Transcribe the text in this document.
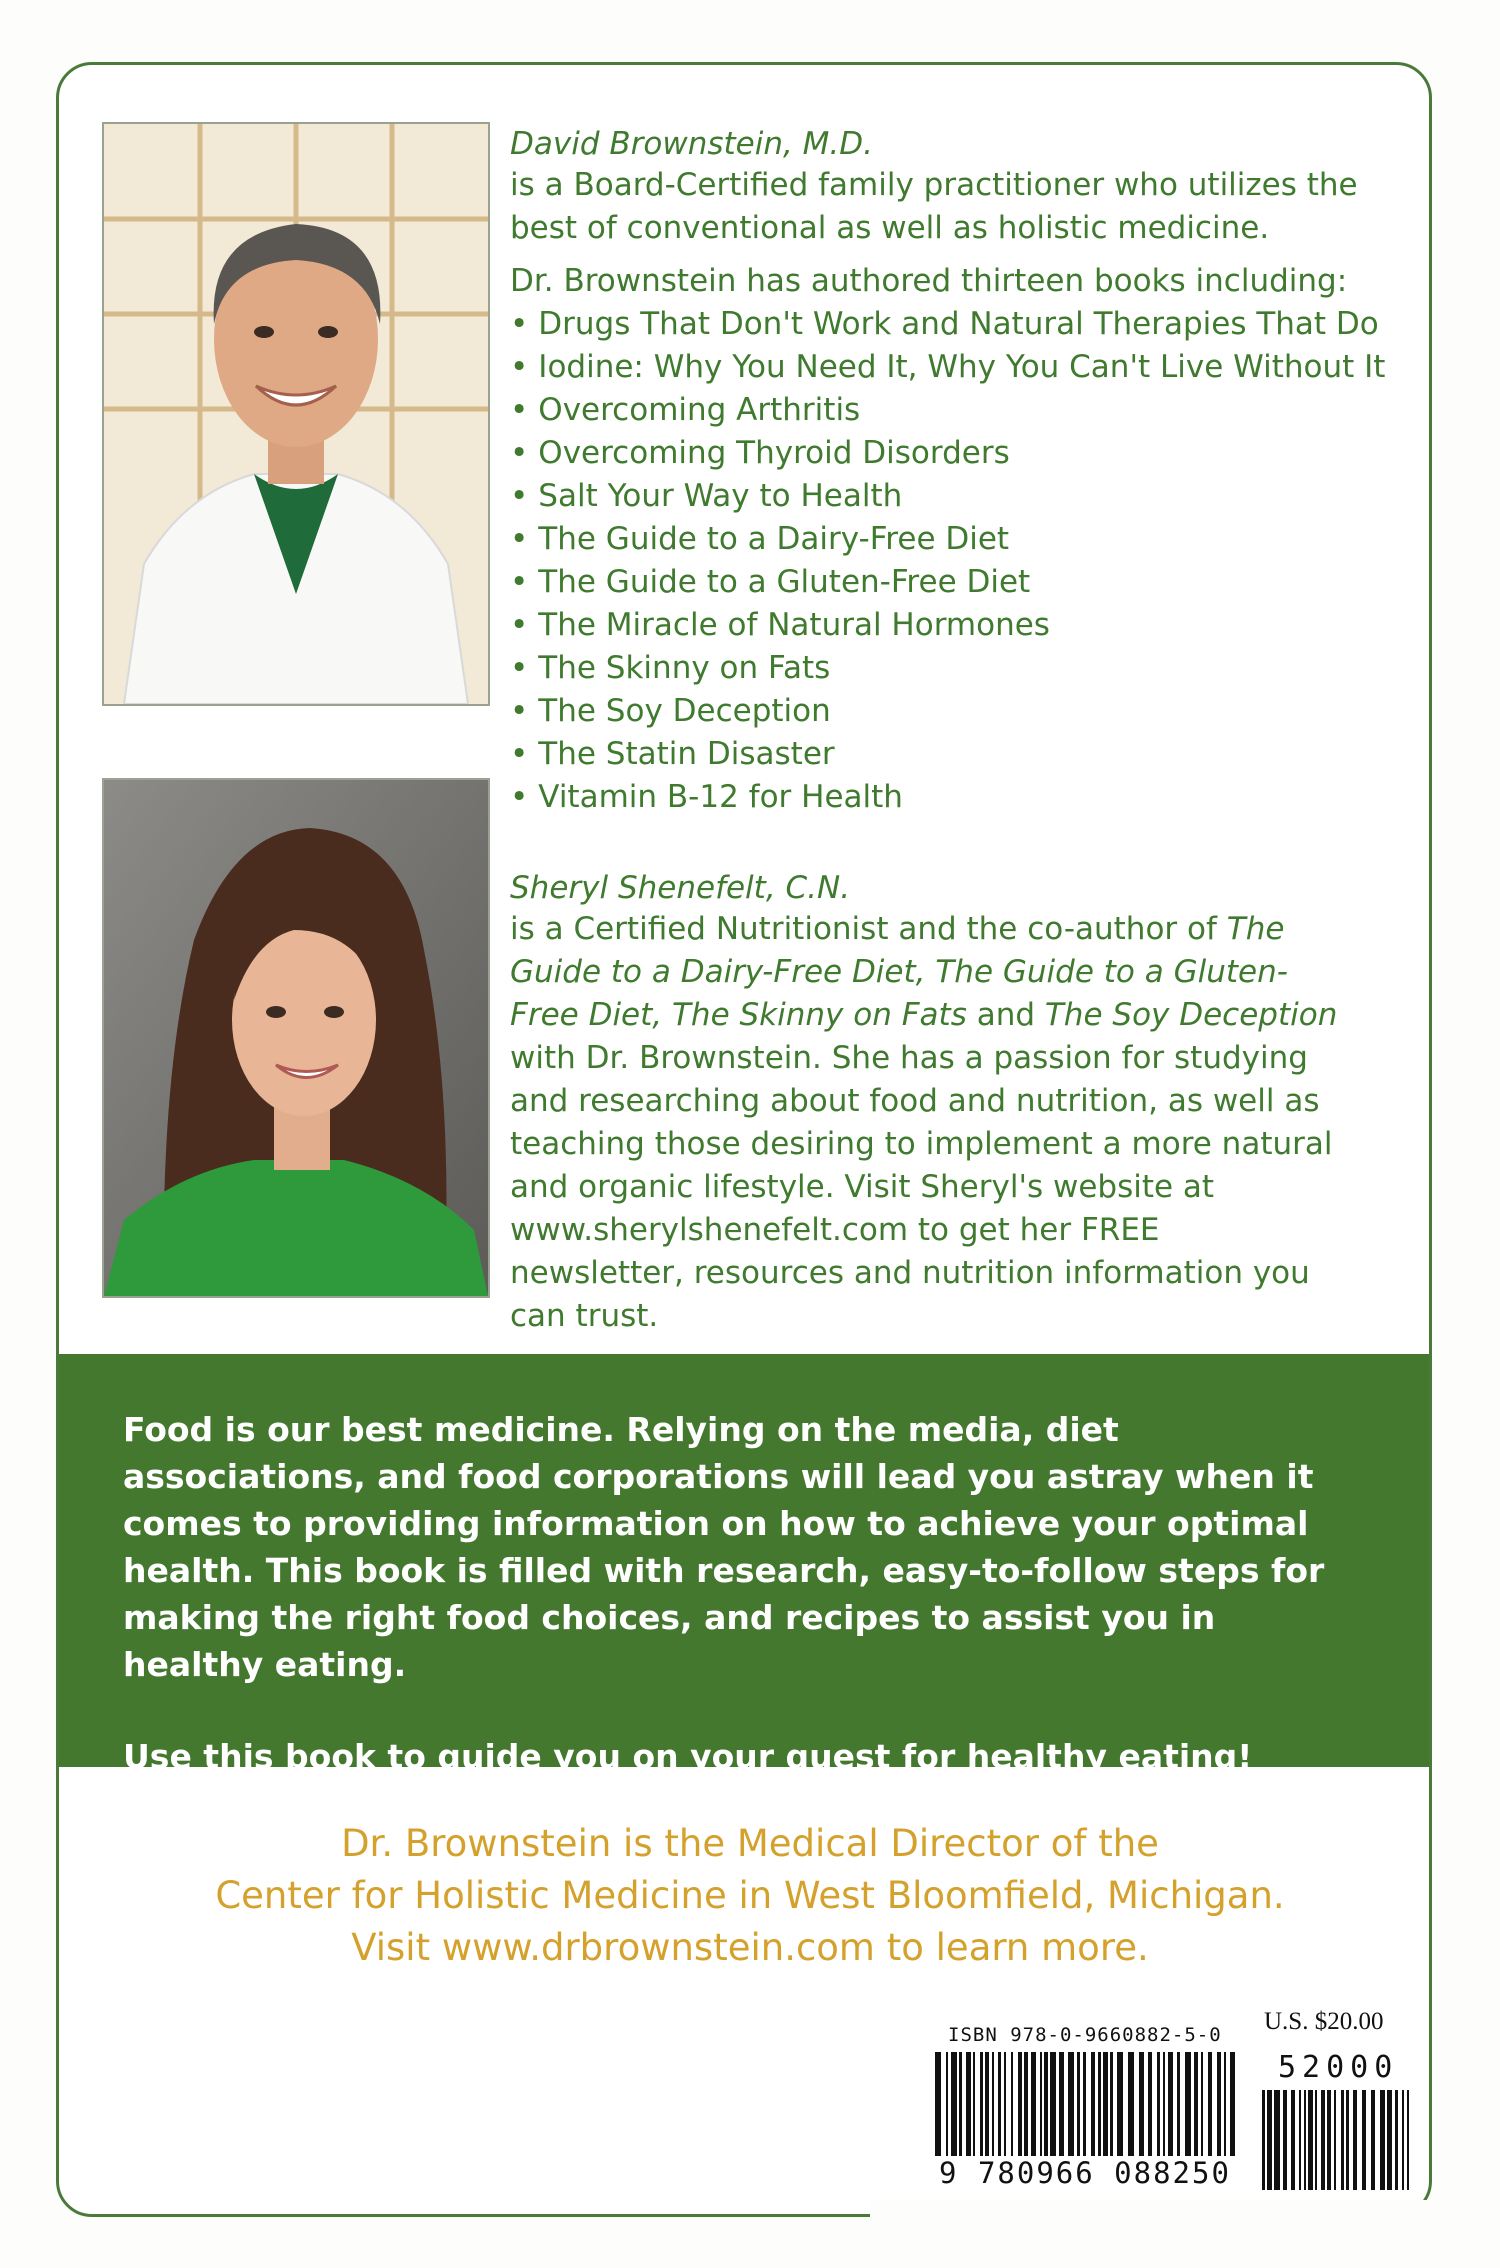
David Brownstein, M.D.
is a Board-Certified family practitioner who utilizes the best of conventional as well as holistic medicine.
Dr. Brownstein has authored thirteen books including:
• Drugs That Don't Work and Natural Therapies That Do
• Iodine: Why You Need It, Why You Can't Live Without It
• Overcoming Arthritis
• Overcoming Thyroid Disorders
• Salt Your Way to Health
• The Guide to a Dairy-Free Diet
• The Guide to a Gluten-Free Diet
• The Miracle of Natural Hormones
• The Skinny on Fats
• The Soy Deception
• The Statin Disaster
• Vitamin B-12 for Health
Sheryl Shenefelt, C.N.
is a Certified Nutritionist and the co-author of The Guide to a Dairy-Free Diet, The Guide to a Gluten-Free Diet, The Skinny on Fats and The Soy Deception with Dr. Brownstein. She has a passion for studying and researching about food and nutrition, as well as teaching those desiring to implement a more natural and organic lifestyle. Visit Sheryl's website at www.sherylshenefelt.com to get her FREE newsletter, resources and nutrition information you can trust.

Food is our best medicine. Relying on the media, diet associations, and food corporations will lead you astray when it comes to providing information on how to achieve your optimal health. This book is filled with research, easy-to-follow steps for making the right food choices, and recipes to assist you in healthy eating.

Use this book to guide you on your quest for healthy eating!

Dr. Brownstein is the Medical Director of the
Center for Holistic Medicine in West Bloomfield, Michigan.
Visit www.drbrownstein.com to learn more.
ISBN 978-0-9660882-5-0 U.S. $20.00
52000
9 780966 088250
